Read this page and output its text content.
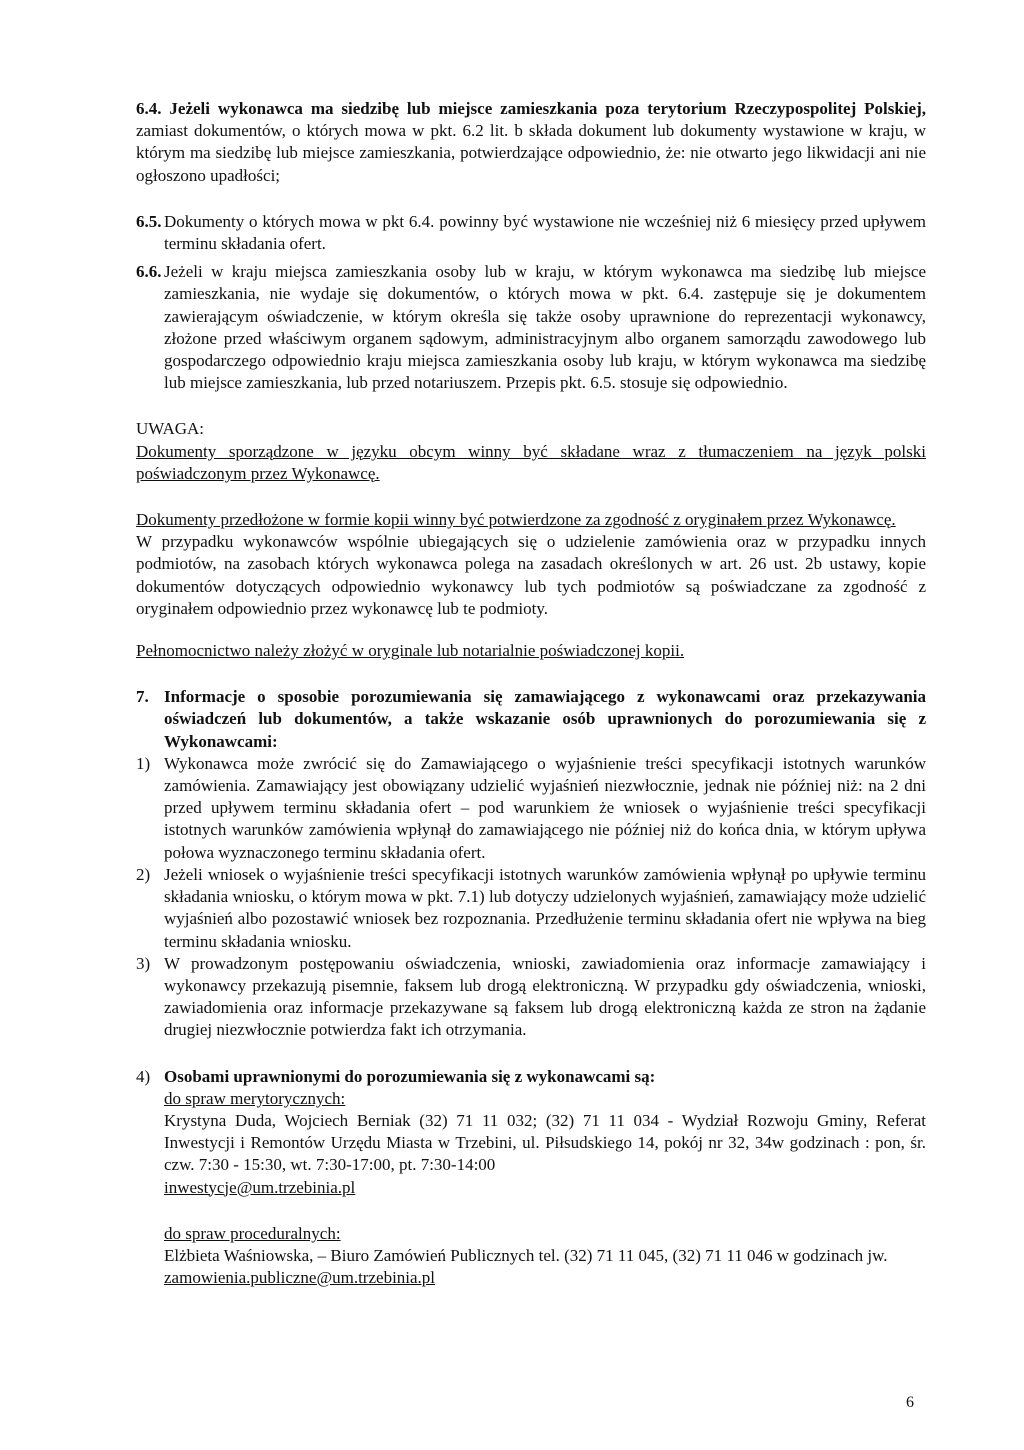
6.4. Jeżeli wykonawca ma siedzibę lub miejsce zamieszkania poza terytorium Rzeczypospolitej Polskiej, zamiast dokumentów, o których mowa w pkt. 6.2 lit. b składa dokument lub dokumenty wystawione w kraju, w którym ma siedzibę lub miejsce zamieszkania, potwierdzające odpowiednio, że: nie otwarto jego likwidacji ani nie ogłoszono upadłości;

6.5. Dokumenty o których mowa w pkt 6.4. powinny być wystawione nie wcześniej niż 6 miesięcy przed upływem terminu składania ofert.
6.6. Jeżeli w kraju miejsca zamieszkania osoby lub w kraju, w którym wykonawca ma siedzibę lub miejsce zamieszkania, nie wydaje się dokumentów, o których mowa w pkt. 6.4. zastępuje się je dokumentem zawierającym oświadczenie, w którym określa się także osoby uprawnione do reprezentacji wykonawcy, złożone przed właściwym organem sądowym, administracyjnym albo organem samorządu zawodowego lub gospodarczego odpowiednio kraju miejsca zamieszkania osoby lub kraju, w którym wykonawca ma siedzibę lub miejsce zamieszkania, lub przed notariuszem. Przepis pkt. 6.5. stosuje się odpowiednio.

UWAGA:

Dokumenty sporządzone w języku obcym winny być składane wraz z tłumaczeniem na język polski poświadczonym przez Wykonawcę.

Dokumenty przedłożone w formie kopii winny być potwierdzone za zgodność z oryginałem przez Wykonawcę.

W przypadku wykonawców wspólnie ubiegających się o udzielenie zamówienia oraz w przypadku innych podmiotów, na zasobach których wykonawca polega na zasadach określonych w art. 26 ust. 2b ustawy, kopie dokumentów dotyczących odpowiednio wykonawcy lub tych podmiotów są poświadczane za zgodność z oryginałem odpowiednio przez wykonawcę lub te podmioty.

Pełnomocnictwo należy złożyć w oryginale lub notarialnie poświadczonej kopii.

7. Informacje o sposobie porozumiewania się zamawiającego z wykonawcami oraz przekazywania oświadczeń lub dokumentów, a także wskazanie osób uprawnionych do porozumiewania się z Wykonawcami:
1) Wykonawca może zwrócić się do Zamawiającego o wyjaśnienie treści specyfikacji istotnych warunków zamówienia. Zamawiający jest obowiązany udzielić wyjaśnień niezwłocznie, jednak nie później niż: na 2 dni przed upływem terminu składania ofert – pod warunkiem że wniosek o wyjaśnienie treści specyfikacji istotnych warunków zamówienia wpłynął do zamawiającego nie później niż do końca dnia, w którym upływa połowa wyznaczonego terminu składania ofert.
2) Jeżeli wniosek o wyjaśnienie treści specyfikacji istotnych warunków zamówienia wpłynął po upływie terminu składania wniosku, o którym mowa w pkt. 7.1) lub dotyczy udzielonych wyjaśnień, zamawiający może udzielić wyjaśnień albo pozostawić wniosek bez rozpoznania. Przedłużenie terminu składania ofert nie wpływa na bieg terminu składania wniosku.
3) W prowadzonym postępowaniu oświadczenia, wnioski, zawiadomienia oraz informacje zamawiający i wykonawcy przekazują pisemnie, faksem lub drogą elektroniczną. W przypadku gdy oświadczenia, wnioski, zawiadomienia oraz informacje przekazywane są faksem lub drogą elektroniczną każda ze stron na żądanie drugiej niezwłocznie potwierdza fakt ich otrzymania.
4) Osobami uprawnionymi do porozumiewania się z wykonawcami są:

do spraw merytorycznych:

Krystyna Duda, Wojciech Berniak (32) 71 11 032; (32) 71 11 034 - Wydział Rozwoju Gminy, Referat Inwestycji i Remontów Urzędu Miasta w Trzebini, ul. Piłsudskiego 14, pokój nr 32, 34w godzinach : pon, śr. czw. 7:30 - 15:30, wt. 7:30-17:00, pt. 7:30-14:00

inwestycje@um.trzebinia.pl

do spraw proceduralnych:

Elżbieta Waśniowska, – Biuro Zamówień Publicznych tel. (32) 71 11 045, (32) 71 11 046 w godzinach jw.

zamowienia.publiczne@um.trzebinia.pl

6
